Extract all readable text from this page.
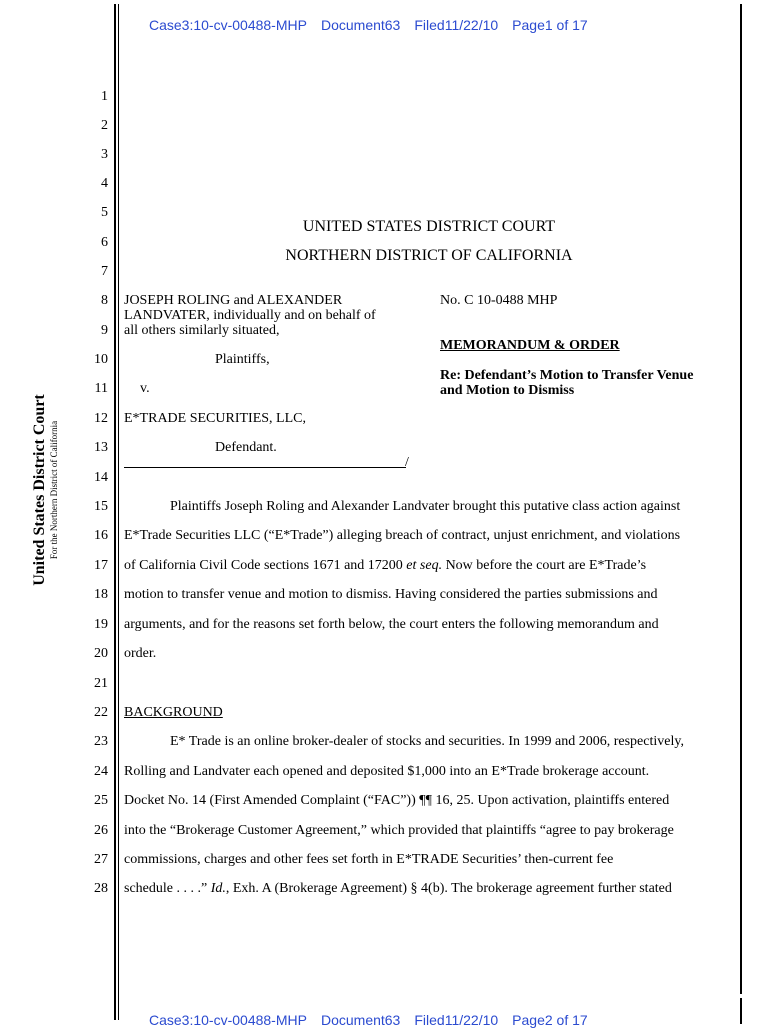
Case3:10-cv-00488-MHP Document63 Filed11/22/10 Page1 of 17
United States District Court For the Northern District of California
1
2
3
4
5
6
7
8
9
10
11
12
13
14
15
16
17
18
19
20
21
22
23
24
25
26
27
28
UNITED STATES DISTRICT COURT
NORTHERN DISTRICT OF CALIFORNIA
JOSEPH ROLING and ALEXANDER
LANDVATER, individually and on behalf of
all others similarly situated,
Plaintiffs,
v.
E*TRADE SECURITIES, LLC,
Defendant.
/
No. C 10-0488 MHP
MEMORANDUM & ORDER
Re: Defendant’s Motion to Transfer Venue
and Motion to Dismiss
Plaintiffs Joseph Roling and Alexander Landvater brought this putative class action against
E*Trade Securities LLC (“E*Trade”) alleging breach of contract, unjust enrichment, and violations
of California Civil Code sections 1671 and 17200 et seq. Now before the court are E*Trade’s
motion to transfer venue and motion to dismiss. Having considered the parties submissions and
arguments, and for the reasons set forth below, the court enters the following memorandum and
order.
BACKGROUND
E* Trade is an online broker-dealer of stocks and securities. In 1999 and 2006, respectively,
Rolling and Landvater each opened and deposited $1,000 into an E*Trade brokerage account.
Docket No. 14 (First Amended Complaint (“FAC”)) ¶¶ 16, 25. Upon activation, plaintiffs entered
into the “Brokerage Customer Agreement,” which provided that plaintiffs “agree to pay brokerage
commissions, charges and other fees set forth in E*TRADE Securities’ then-current fee
schedule . . . .” Id., Exh. A (Brokerage Agreement) § 4(b). The brokerage agreement further stated
Case3:10-cv-00488-MHP Document63 Filed11/22/10 Page2 of 17
